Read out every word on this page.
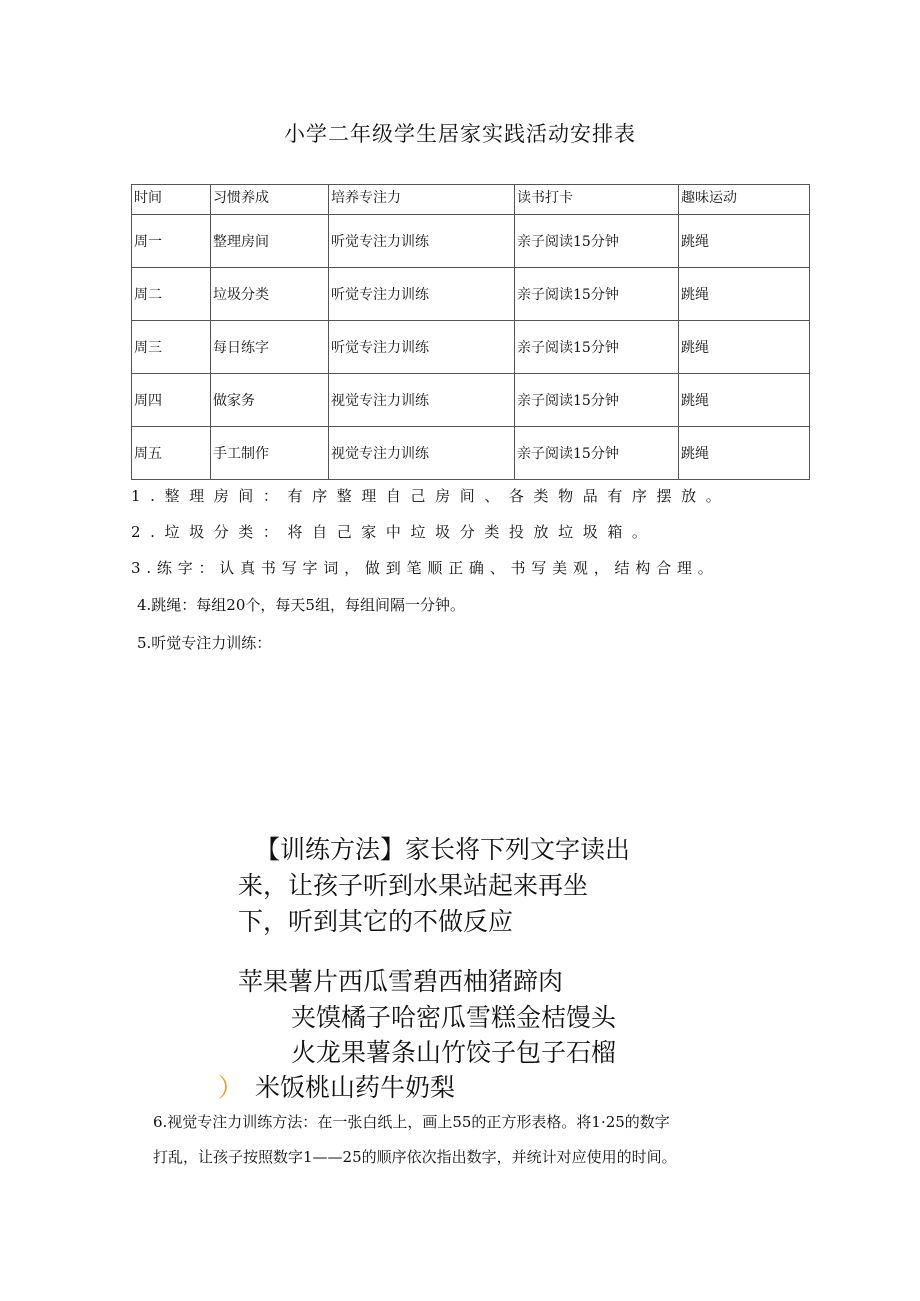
小学二年级学生居家实践活动安排表
时间	习惯养成	培养专注力	读书打卡	趣味运动
周一	整理房间	听觉专注力训练	亲子阅读15分钟	跳绳
周二	垃圾分类	听觉专注力训练	亲子阅读15分钟	跳绳
周三	每日练字	听觉专注力训练	亲子阅读15分钟	跳绳
周四	做家务	视觉专注力训练	亲子阅读15分钟	跳绳
周五	手工制作	视觉专注力训练	亲子阅读15分钟	跳绳
1.整理房间：有序整理自己房间、各类物品有序摆放。
2.垃圾分类：将自己家中垃圾分类投放垃圾箱。
3.练字：认真书写字词，做到笔顺正确、书写美观，结构合理。
4.跳绳：每组20个，每天5组，每组间隔一分钟。
5.听觉专注力训练：
【训练方法】家长将下列文字读出
来，让孩子听到水果站起来再坐
下，听到其它的不做反应
苹果薯片西瓜雪碧西柚猪蹄肉
夹馍橘子哈密瓜雪糕金桔馒头
火龙果薯条山竹饺子包子石榴
） 米饭桃山药牛奶梨
6.视觉专注力训练方法：在一张白纸上，画上55的正方形表格。将1·25的数字
打乱，让孩子按照数字1——25的顺序依次指出数字，并统计对应使用的时间。
